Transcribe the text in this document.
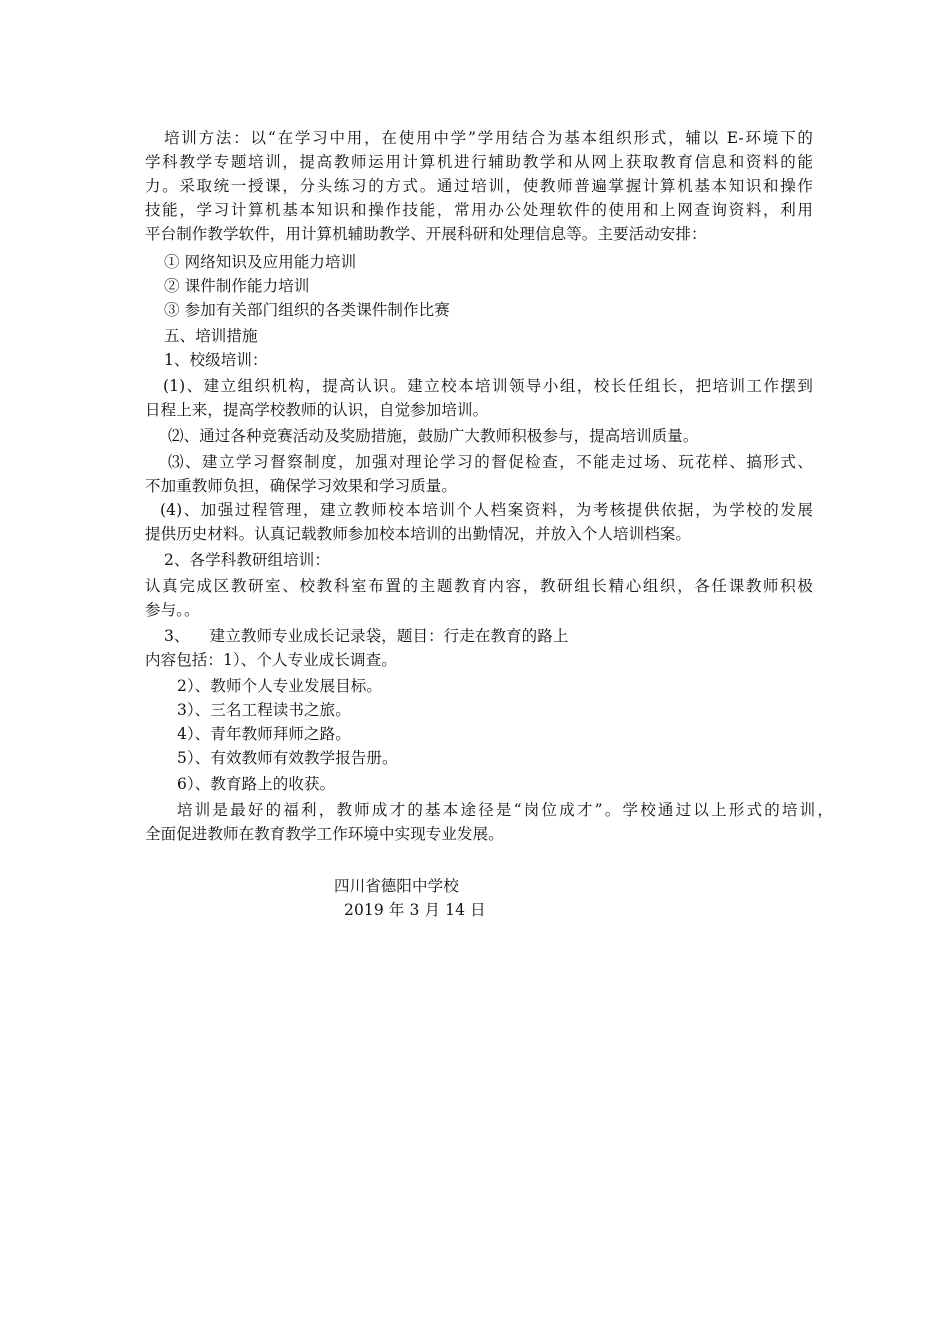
培训方法：以“在学习中用，在使用中学”学用结合为基本组织形式，辅以 E-环境下的
学科教学专题培训，提高教师运用计算机进行辅助教学和从网上获取教育信息和资料的能
力。采取统一授课，分头练习的方式。通过培训，使教师普遍掌握计算机基本知识和操作
技能，学习计算机基本知识和操作技能，常用办公处理软件的使用和上网查询资料，利用
平台制作教学软件，用计算机辅助教学、开展科研和处理信息等。主要活动安排：
① 网络知识及应用能力培训
② 课件制作能力培训
③ 参加有关部门组织的各类课件制作比赛
五、培训措施
1、校级培训：
(1)、建立组织机构，提高认识。建立校本培训领导小组，校长任组长，把培训工作摆到
日程上来，提高学校教师的认识，自觉参加培训。
⑵、通过各种竞赛活动及奖励措施，鼓励广大教师积极参与，提高培训质量。
⑶、建立学习督察制度，加强对理论学习的督促检查，不能走过场、玩花样、搞形式、
不加重教师负担，确保学习效果和学习质量。
(4)、加强过程管理，建立教师校本培训个人档案资料，为考核提供依据，为学校的发展
提供历史材料。认真记载教师参加校本培训的出勤情况，并放入个人培训档案。
2、各学科教研组培训：
认真完成区教研室、校教科室布置的主题教育内容，教研组长精心组织，各任课教师积极
参与。。
3、    建立教师专业成长记录袋，题目：行走在教育的路上
内容包括：1）、个人专业成长调查。
2）、教师个人专业发展目标。
3）、三名工程读书之旅。
4）、青年教师拜师之路。
5）、有效教师有效教学报告册。
6）、教育路上的收获。
培训是最好的福利，教师成才的基本途径是“岗位成才”。学校通过以上形式的培训，
全面促进教师在教育教学工作环境中实现专业发展。
四川省德阳中学校
2019 年 3 月 14 日
